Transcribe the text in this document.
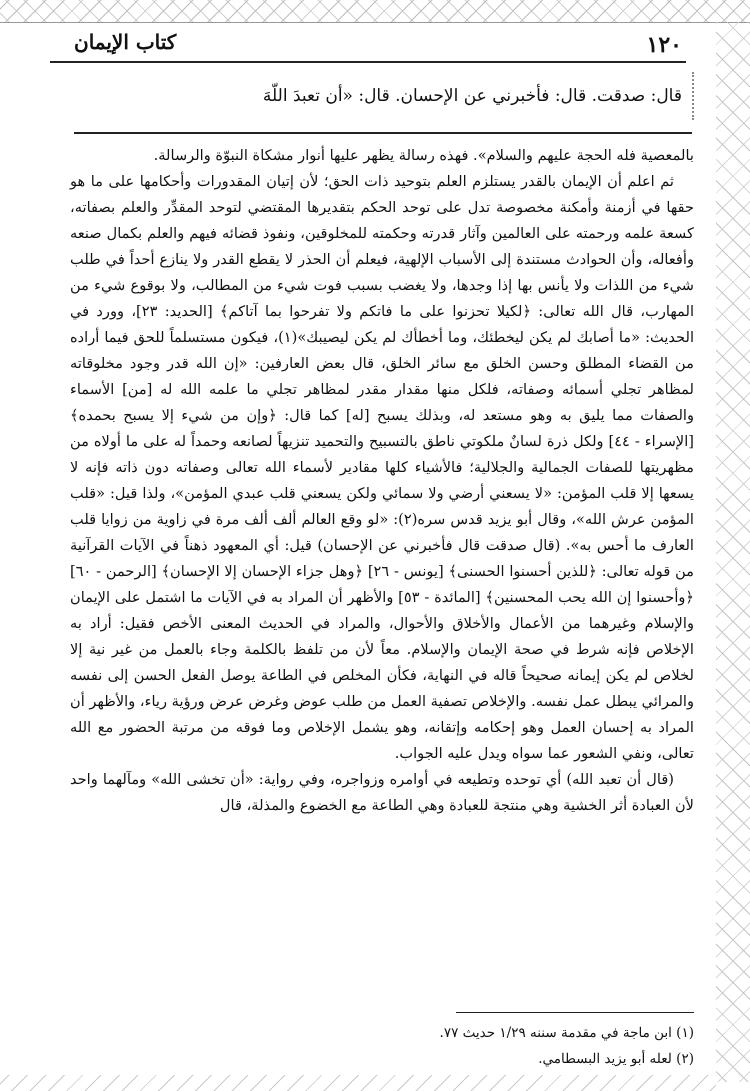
١٢٠
كتاب الإيمان
قال: صدقت. قال: فأخبرني عن الإحسان. قال: «أن تعبدَ اللّهَ

بالمعصية فله الحجة عليهم والسلام». فهذه رسالة يظهر عليها أنوار مشكاة النبوّة والرسالة.

ثم اعلم أن الإيمان بالقدر يستلزم العلم بتوحيد ذات الحق؛ لأن إتيان المقدورات وأحكامها على ما هو حقها في أزمنة وأمكنة مخصوصة تدل على توحد الحكم بتقديرها المقتضي لتوحد المقدِّر والعلم بصفاته، كسعة علمه ورحمته على العالمين وآثار قدرته وحكمته للمخلوقين، ونفوذ قضائه فيهم والعلم بكمال صنعه وأفعاله، وأن الحوادث مستندة إلى الأسباب الإلهية، فيعلم أن الحذر لا يقطع القدر ولا ينازع أحداً في طلب شيء من اللذات ولا يأنس بها إذا وجدها، ولا يغضب بسبب فوت شيء من المطالب، ولا بوقوع شيء من المهارب، قال الله تعالى: ﴿لكيلا تحزنوا على ما فاتكم ولا تفرحوا بما آتاكم﴾ [الحديد: ٢٣]، وورد في الحديث: «ما أصابك لم يكن ليخطئك، وما أخطأك لم يكن ليصيبك»(١)، فيكون مستسلماً للحق فيما أراده من القضاء المطلق وحسن الخلق مع سائر الخلق، قال بعض العارفين: «إن الله قدر وجود مخلوقاته لمظاهر تجلي أسمائه وصفاته، فلكل منها مقدار مقدر لمظاهر تجلي ما علمه الله له [من] الأسماء والصفات مما يليق به وهو مستعد له، وبذلك يسبح [له] كما قال: ﴿وإن من شيء إلا يسبح بحمده﴾ [الإسراء - ٤٤] ولكل ذرة لسانٌ ملكوتي ناطق بالتسبيح والتحميد تنزيهاً لصانعه وحمداً له على ما أولاه من مظهريتها للصفات الجمالية والجلالية؛ فالأشياء كلها مقادير لأسماء الله تعالى وصفاته دون ذاته فإنه لا يسعها إلا قلب المؤمن: «لا يسعني أرضي ولا سمائي ولكن يسعني قلب عبدي المؤمن»، ولذا قيل: «قلب المؤمن عرش الله»، وقال أبو يزيد قدس سره(٢): «لو وقع العالم ألف ألف مرة في زاوية من زوايا قلب العارف ما أحس به». (قال صدقت قال فأخبرني عن الإحسان) قيل: أي المعهود ذهناً في الآيات القرآنية من قوله تعالى: ﴿للذين أحسنوا الحسنى﴾ [يونس - ٢٦] ﴿وهل جزاء الإحسان إلا الإحسان﴾ [الرحمن - ٦٠] ﴿وأحسنوا إن الله يحب المحسنين﴾ [المائدة - ٥٣] والأظهر أن المراد به في الآيات ما اشتمل على الإيمان والإسلام وغيرهما من الأعمال والأخلاق والأحوال، والمراد في الحديث المعنى الأخص فقيل: أراد به الإخلاص فإنه شرط في صحة الإيمان والإسلام. معاً لأن من تلفظ بالكلمة وجاء بالعمل من غير نية إلا لخلاص لم يكن إيمانه صحيحاً قاله في النهاية، فكأن المخلص في الطاعة يوصل الفعل الحسن إلى نفسه والمرائي يبطل عمل نفسه. والإخلاص تصفية العمل من طلب عوض وغرض عرض ورؤية رياء، والأظهر أن المراد به إحسان العمل وهو إحكامه وإتقانه، وهو يشمل الإخلاص وما فوقه من مرتبة الحضور مع الله تعالى، ونفي الشعور عما سواه ويدل عليه الجواب.

(قال أن تعبد الله) أي توحده وتطيعه في أوامره وزواجره، وفي رواية: «أن تخشى الله» ومآلهما واحد لأن العبادة أثر الخشية وهي منتجة للعبادة وهي الطاعة مع الخضوع والمذلة، قال

(١) ابن ماجة في مقدمة سننه ١/٢٩ حديث ٧٧.
(٢) لعله أبو يزيد البسطامي.
